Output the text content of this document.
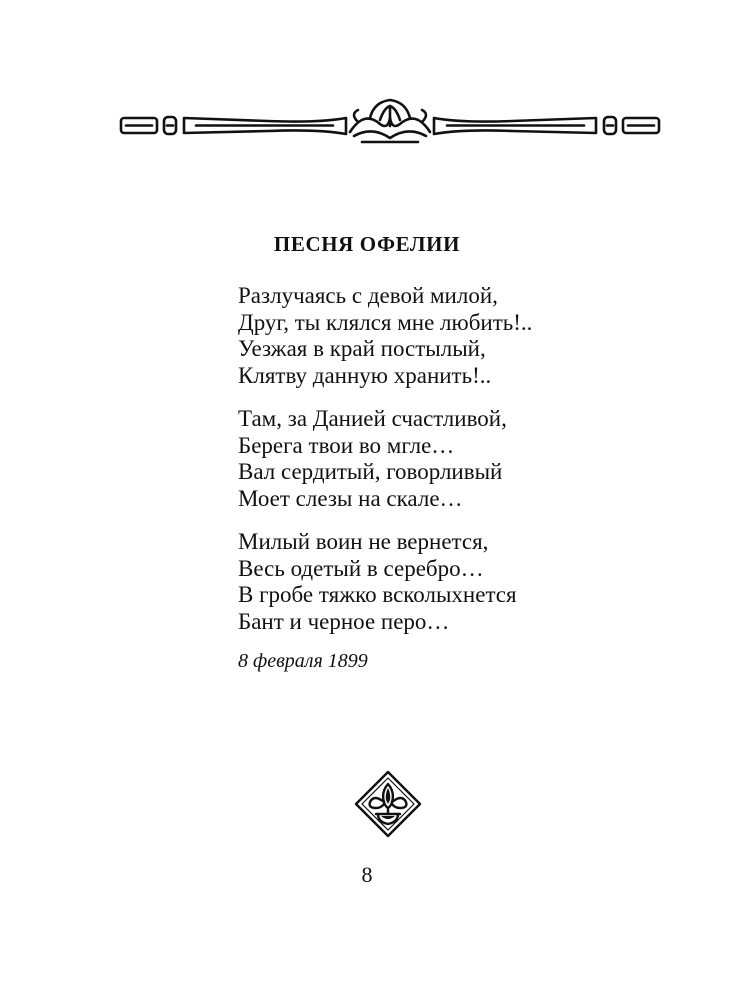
ПЕСНЯ ОФЕЛИИ
Разлучаясь с девой милой,
Друг, ты клялся мне любить!..
Уезжая в край постылый,
Клятву данную хранить!..
Там, за Данией счастливой,
Берега твои во мгле…
Вал сердитый, говорливый
Моет слезы на скале…
Милый воин не вернется,
Весь одетый в серебро…
В гробе тяжко всколыхнется
Бант и черное перо…
8 февраля 1899
8
